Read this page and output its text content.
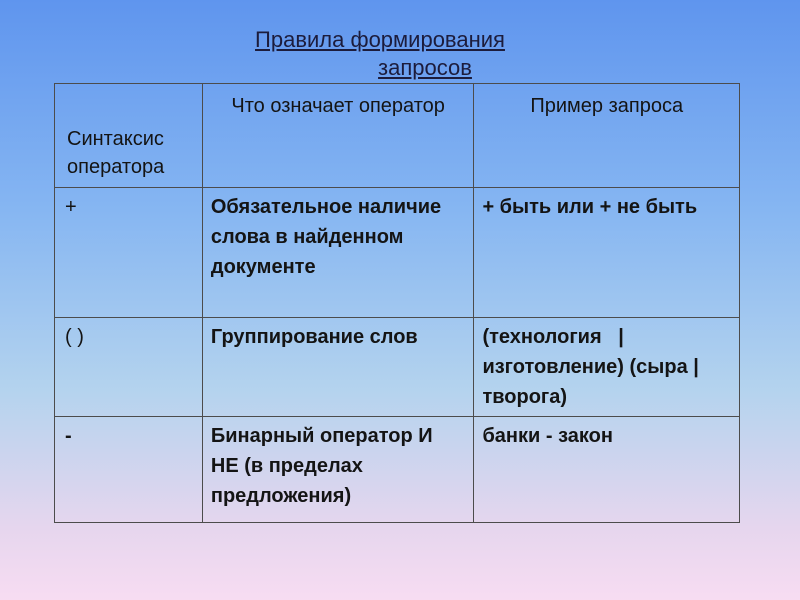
Правила формирования
запросов
Синтаксис оператора	Что означает оператор	Пример запроса
+	Обязательное наличие слова в найденном документе	+ быть или + не быть
( )	Группирование слов	(технология   | изготовление) (сыра | творога)
-	Бинарный оператор И НЕ (в пределах предложения)	банки - закон
